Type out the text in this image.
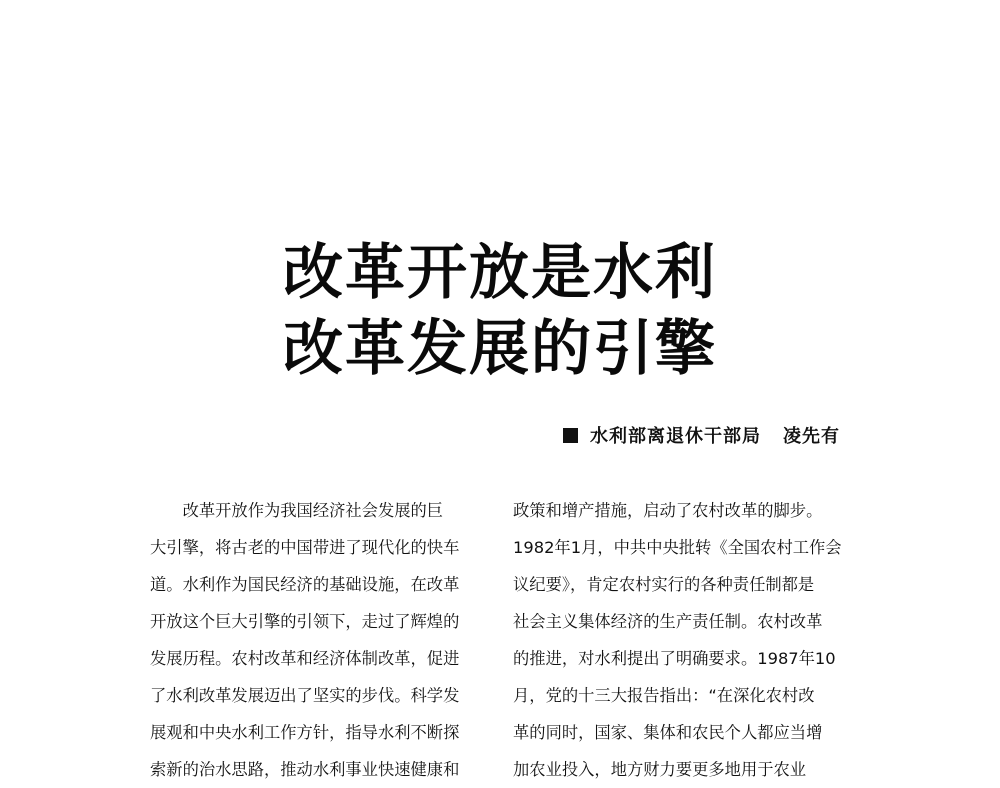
改革开放是水利
改革发展的引擎
水利部离退休干部局 凌先有
　　改革开放作为我国经济社会发展的巨
大引擎，将古老的中国带进了现代化的快车
道。水利作为国民经济的基础设施，在改革
开放这个巨大引擎的引领下，走过了辉煌的
发展历程。农村改革和经济体制改革，促进
了水利改革发展迈出了坚实的步伐。科学发
展观和中央水利工作方针，指导水利不断探
索新的治水思路，推动水利事业快速健康和
政策和增产措施，启动了农村改革的脚步。
1982年1月，中共中央批转《全国农村工作会
议纪要》，肯定农村实行的各种责任制都是
社会主义集体经济的生产责任制。农村改革
的推进，对水利提出了明确要求。1987年10
月，党的十三大报告指出：“在深化农村改
革的同时，国家、集体和农民个人都应当增
加农业投入，地方财力要更多地用于农业
